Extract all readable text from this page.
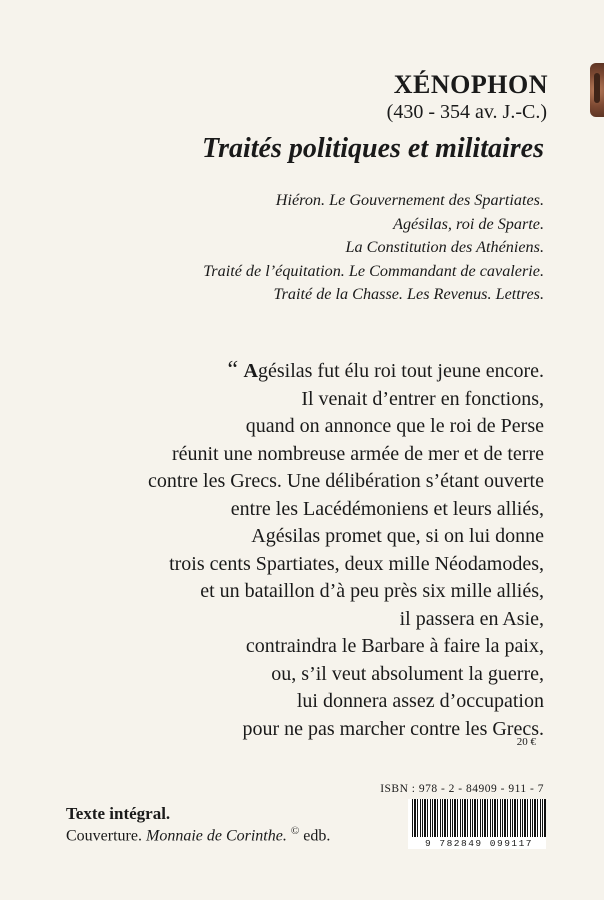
XÉNOPHON
(430 - 354 av. J.-C.)
Traités politiques et militaires
Hiéron. Le Gouvernement des Spartiates.
Agésilas, roi de Sparte.
La Constitution des Athéniens.
Traité de l’équitation. Le Commandant de cavalerie.
Traité de la Chasse. Les Revenus. Lettres.
“ Agésilas fut élu roi tout jeune encore.
Il venait d’entrer en fonctions,
quand on annonce que le roi de Perse
réunit une nombreuse armée de mer et de terre
contre les Grecs. Une délibération s’étant ouverte
entre les Lacédémoniens et leurs alliés,
Agésilas promet que, si on lui donne
trois cents Spartiates, deux mille Néodamodes,
et un bataillon d’à peu près six mille alliés,
il passera en Asie,
contraindra le Barbare à faire la paix,
ou, s’il veut absolument la guerre,
lui donnera assez d’occupation
pour ne pas marcher contre les Grecs.
20 €
ISBN : 978 - 2 - 84909 - 911 - 7
9 782849 099117
Texte intégral.
Couverture. Monnaie de Corinthe. © edb.
